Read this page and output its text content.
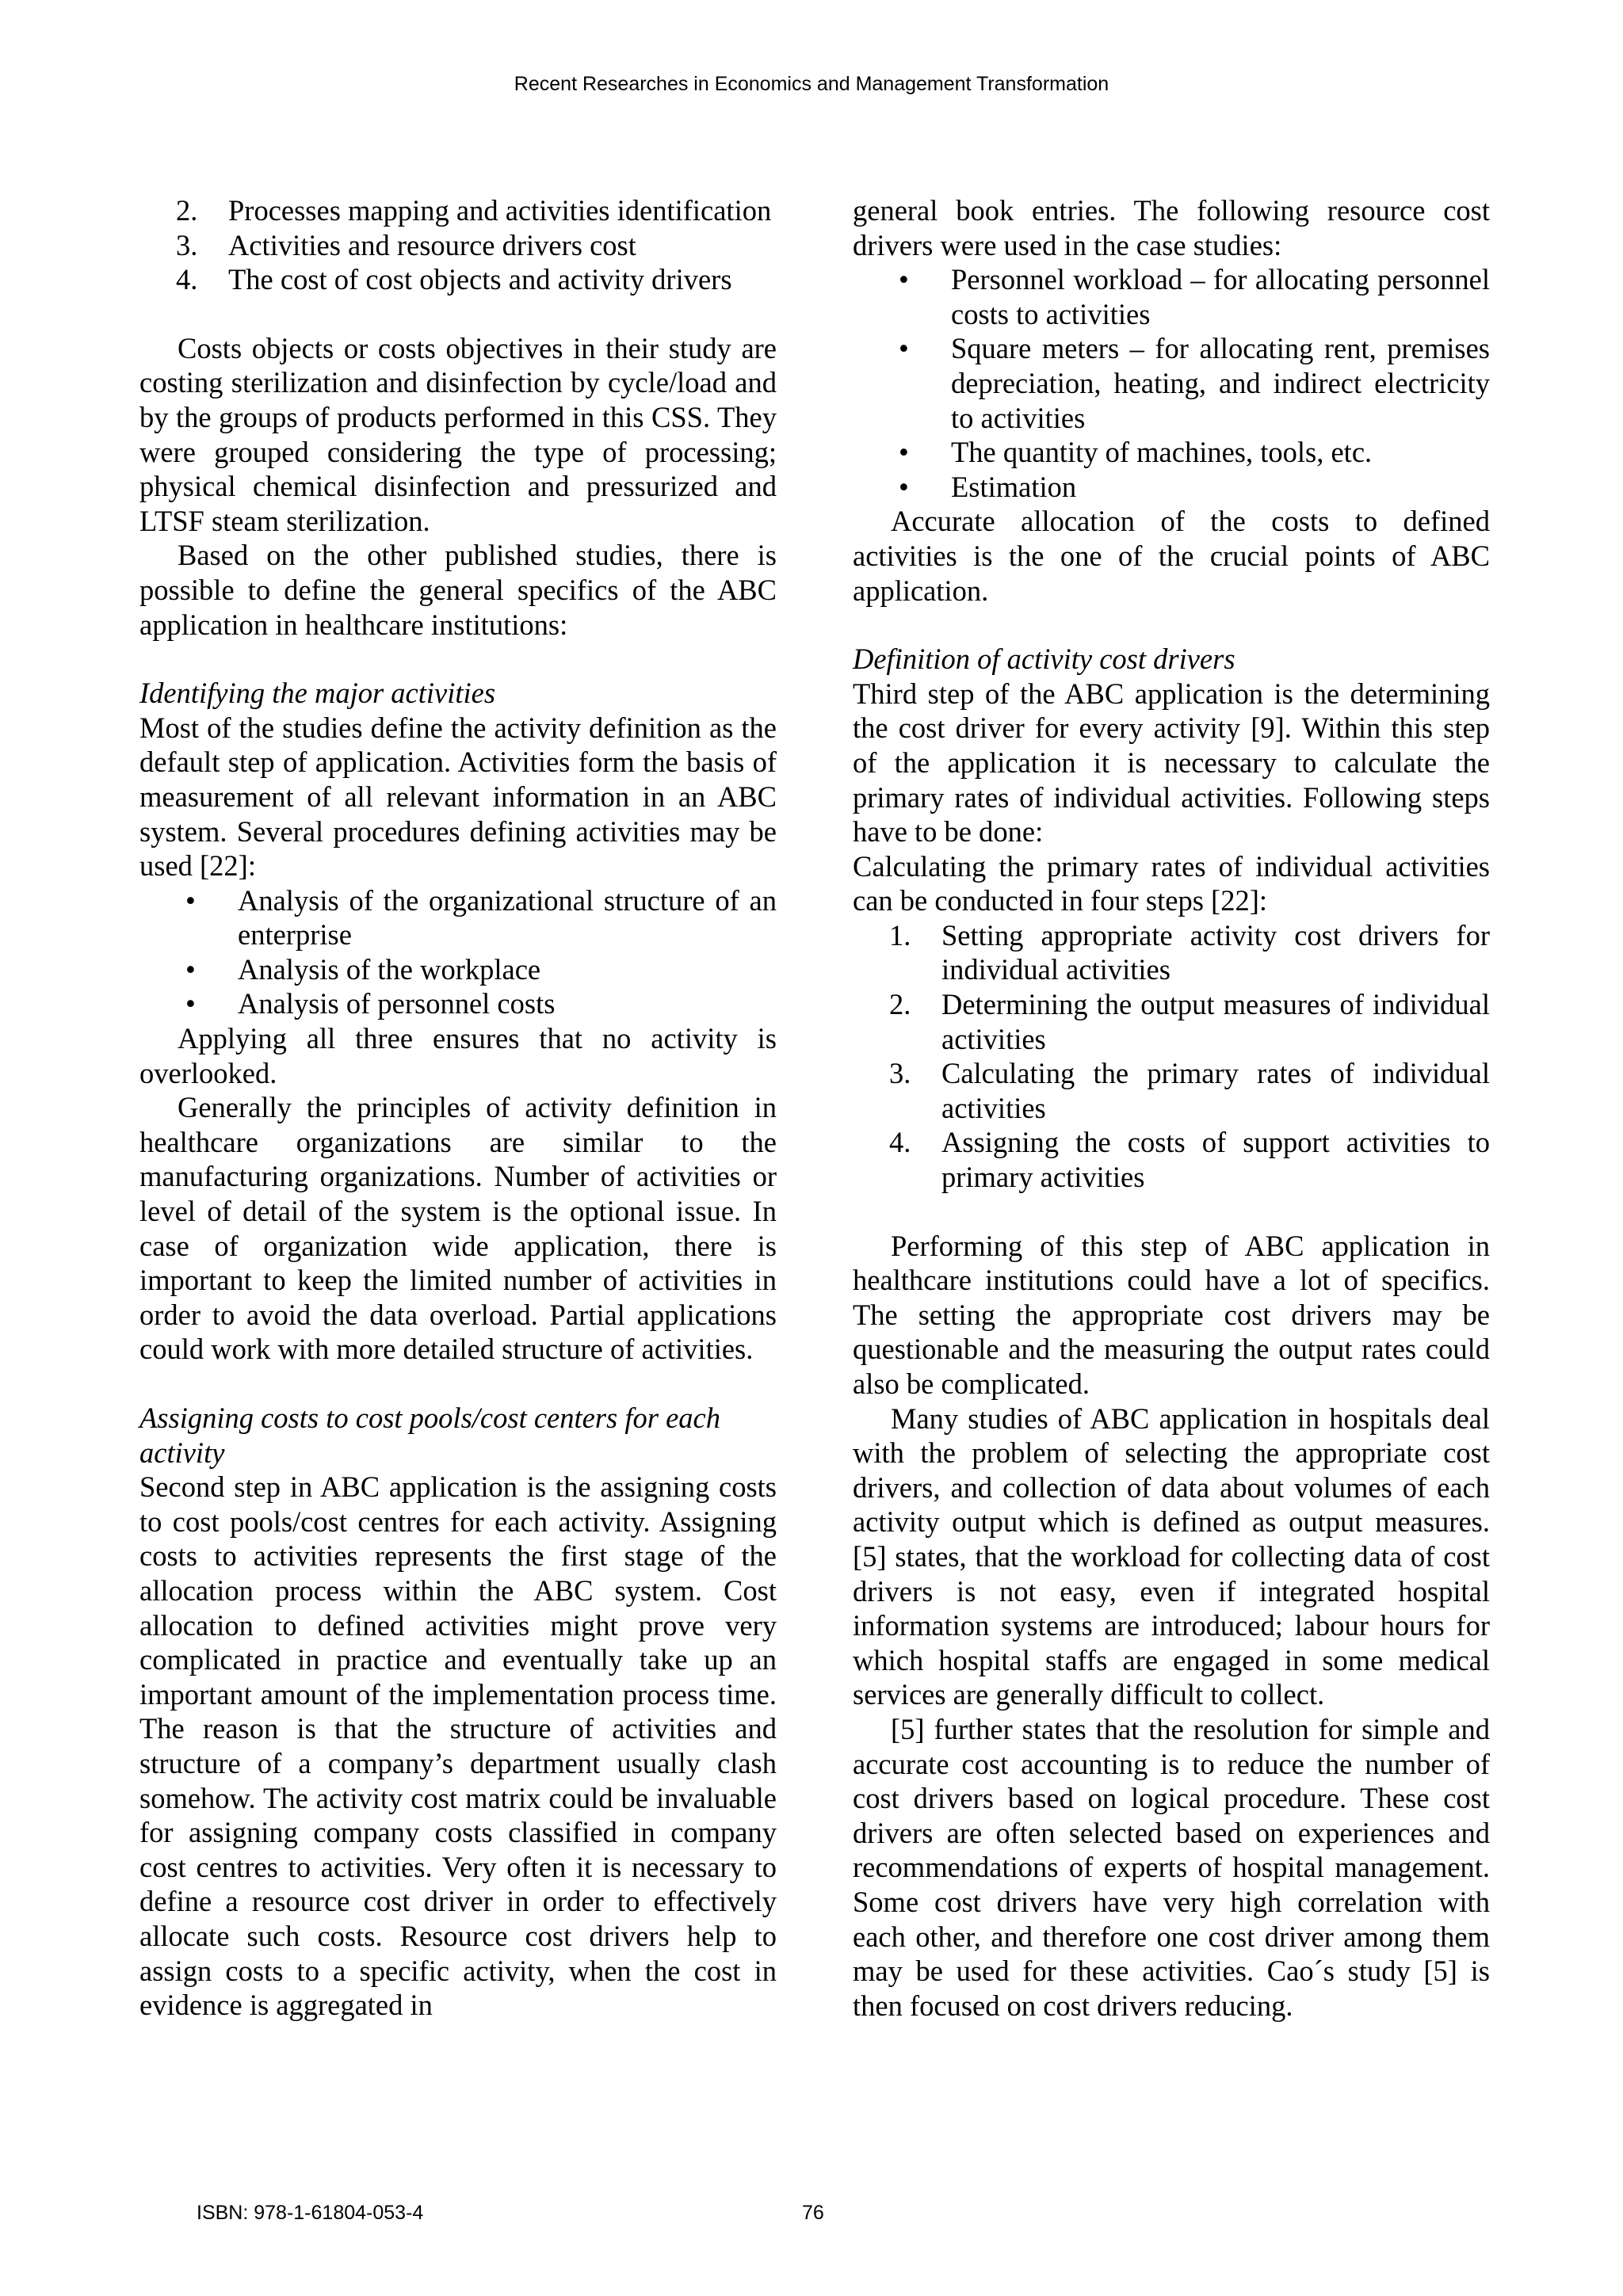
Recent Researches in Economics and Management Transformation
2. Processes mapping and activities identification
3. Activities and resource drivers cost
4. The cost of cost objects and activity drivers

Costs objects or costs objectives in their study are costing sterilization and disinfection by cycle/load and by the groups of products performed in this CSS. They were grouped considering the type of processing; physical chemical disinfection and pressurized and LTSF steam sterilization.

Based on the other published studies, there is possible to define the general specifics of the ABC application in healthcare institutions:

Identifying the major activities

Most of the studies define the activity definition as the default step of application. Activities form the basis of measurement of all relevant information in an ABC system. Several procedures defining activities may be used [22]:

• Analysis of the organizational structure of an enterprise
• Analysis of the workplace
• Analysis of personnel costs

Applying all three ensures that no activity is overlooked.

Generally the principles of activity definition in healthcare organizations are similar to the manufacturing organizations. Number of activities or level of detail of the system is the optional issue. In case of organization wide application, there is important to keep the limited number of activities in order to avoid the data overload. Partial applications could work with more detailed structure of activities.

Assigning costs to cost pools/cost centers for each activity

Second step in ABC application is the assigning costs to cost pools/cost centres for each activity. Assigning costs to activities represents the first stage of the allocation process within the ABC system. Cost allocation to defined activities might prove very complicated in practice and eventually take up an important amount of the implementation process time. The reason is that the structure of activities and structure of a company’s department usually clash somehow. The activity cost matrix could be invaluable for assigning company costs classified in company cost centres to activities. Very often it is necessary to define a resource cost driver in order to effectively allocate such costs. Resource cost drivers help to assign costs to a specific activity, when the cost in evidence is aggregated in

general book entries. The following resource cost drivers were used in the case studies:

• Personnel workload – for allocating personnel costs to activities
• Square meters – for allocating rent, premises depreciation, heating, and indirect electricity to activities
• The quantity of machines, tools, etc.
• Estimation

Accurate allocation of the costs to defined activities is the one of the crucial points of ABC application.

Definition of activity cost drivers

Third step of the ABC application is the determining the cost driver for every activity [9]. Within this step of the application it is necessary to calculate the primary rates of individual activities. Following steps have to be done:

Calculating the primary rates of individual activities can be conducted in four steps [22]:

1. Setting appropriate activity cost drivers for individual activities
2. Determining the output measures of individual activities
3. Calculating the primary rates of individual activities
4. Assigning the costs of support activities to primary activities

Performing of this step of ABC application in healthcare institutions could have a lot of specifics. The setting the appropriate cost drivers may be questionable and the measuring the output rates could also be complicated.

Many studies of ABC application in hospitals deal with the problem of selecting the appropriate cost drivers, and collection of data about volumes of each activity output which is defined as output measures. [5] states, that the workload for collecting data of cost drivers is not easy, even if integrated hospital information systems are introduced; labour hours for which hospital staffs are engaged in some medical services are generally difficult to collect.

[5] further states that the resolution for simple and accurate cost accounting is to reduce the number of cost drivers based on logical procedure. These cost drivers are often selected based on experiences and recommendations of experts of hospital management. Some cost drivers have very high correlation with each other, and therefore one cost driver among them may be used for these activities. Cao´s study [5] is then focused on cost drivers reducing.

ISBN: 978-1-61804-053-4	76
